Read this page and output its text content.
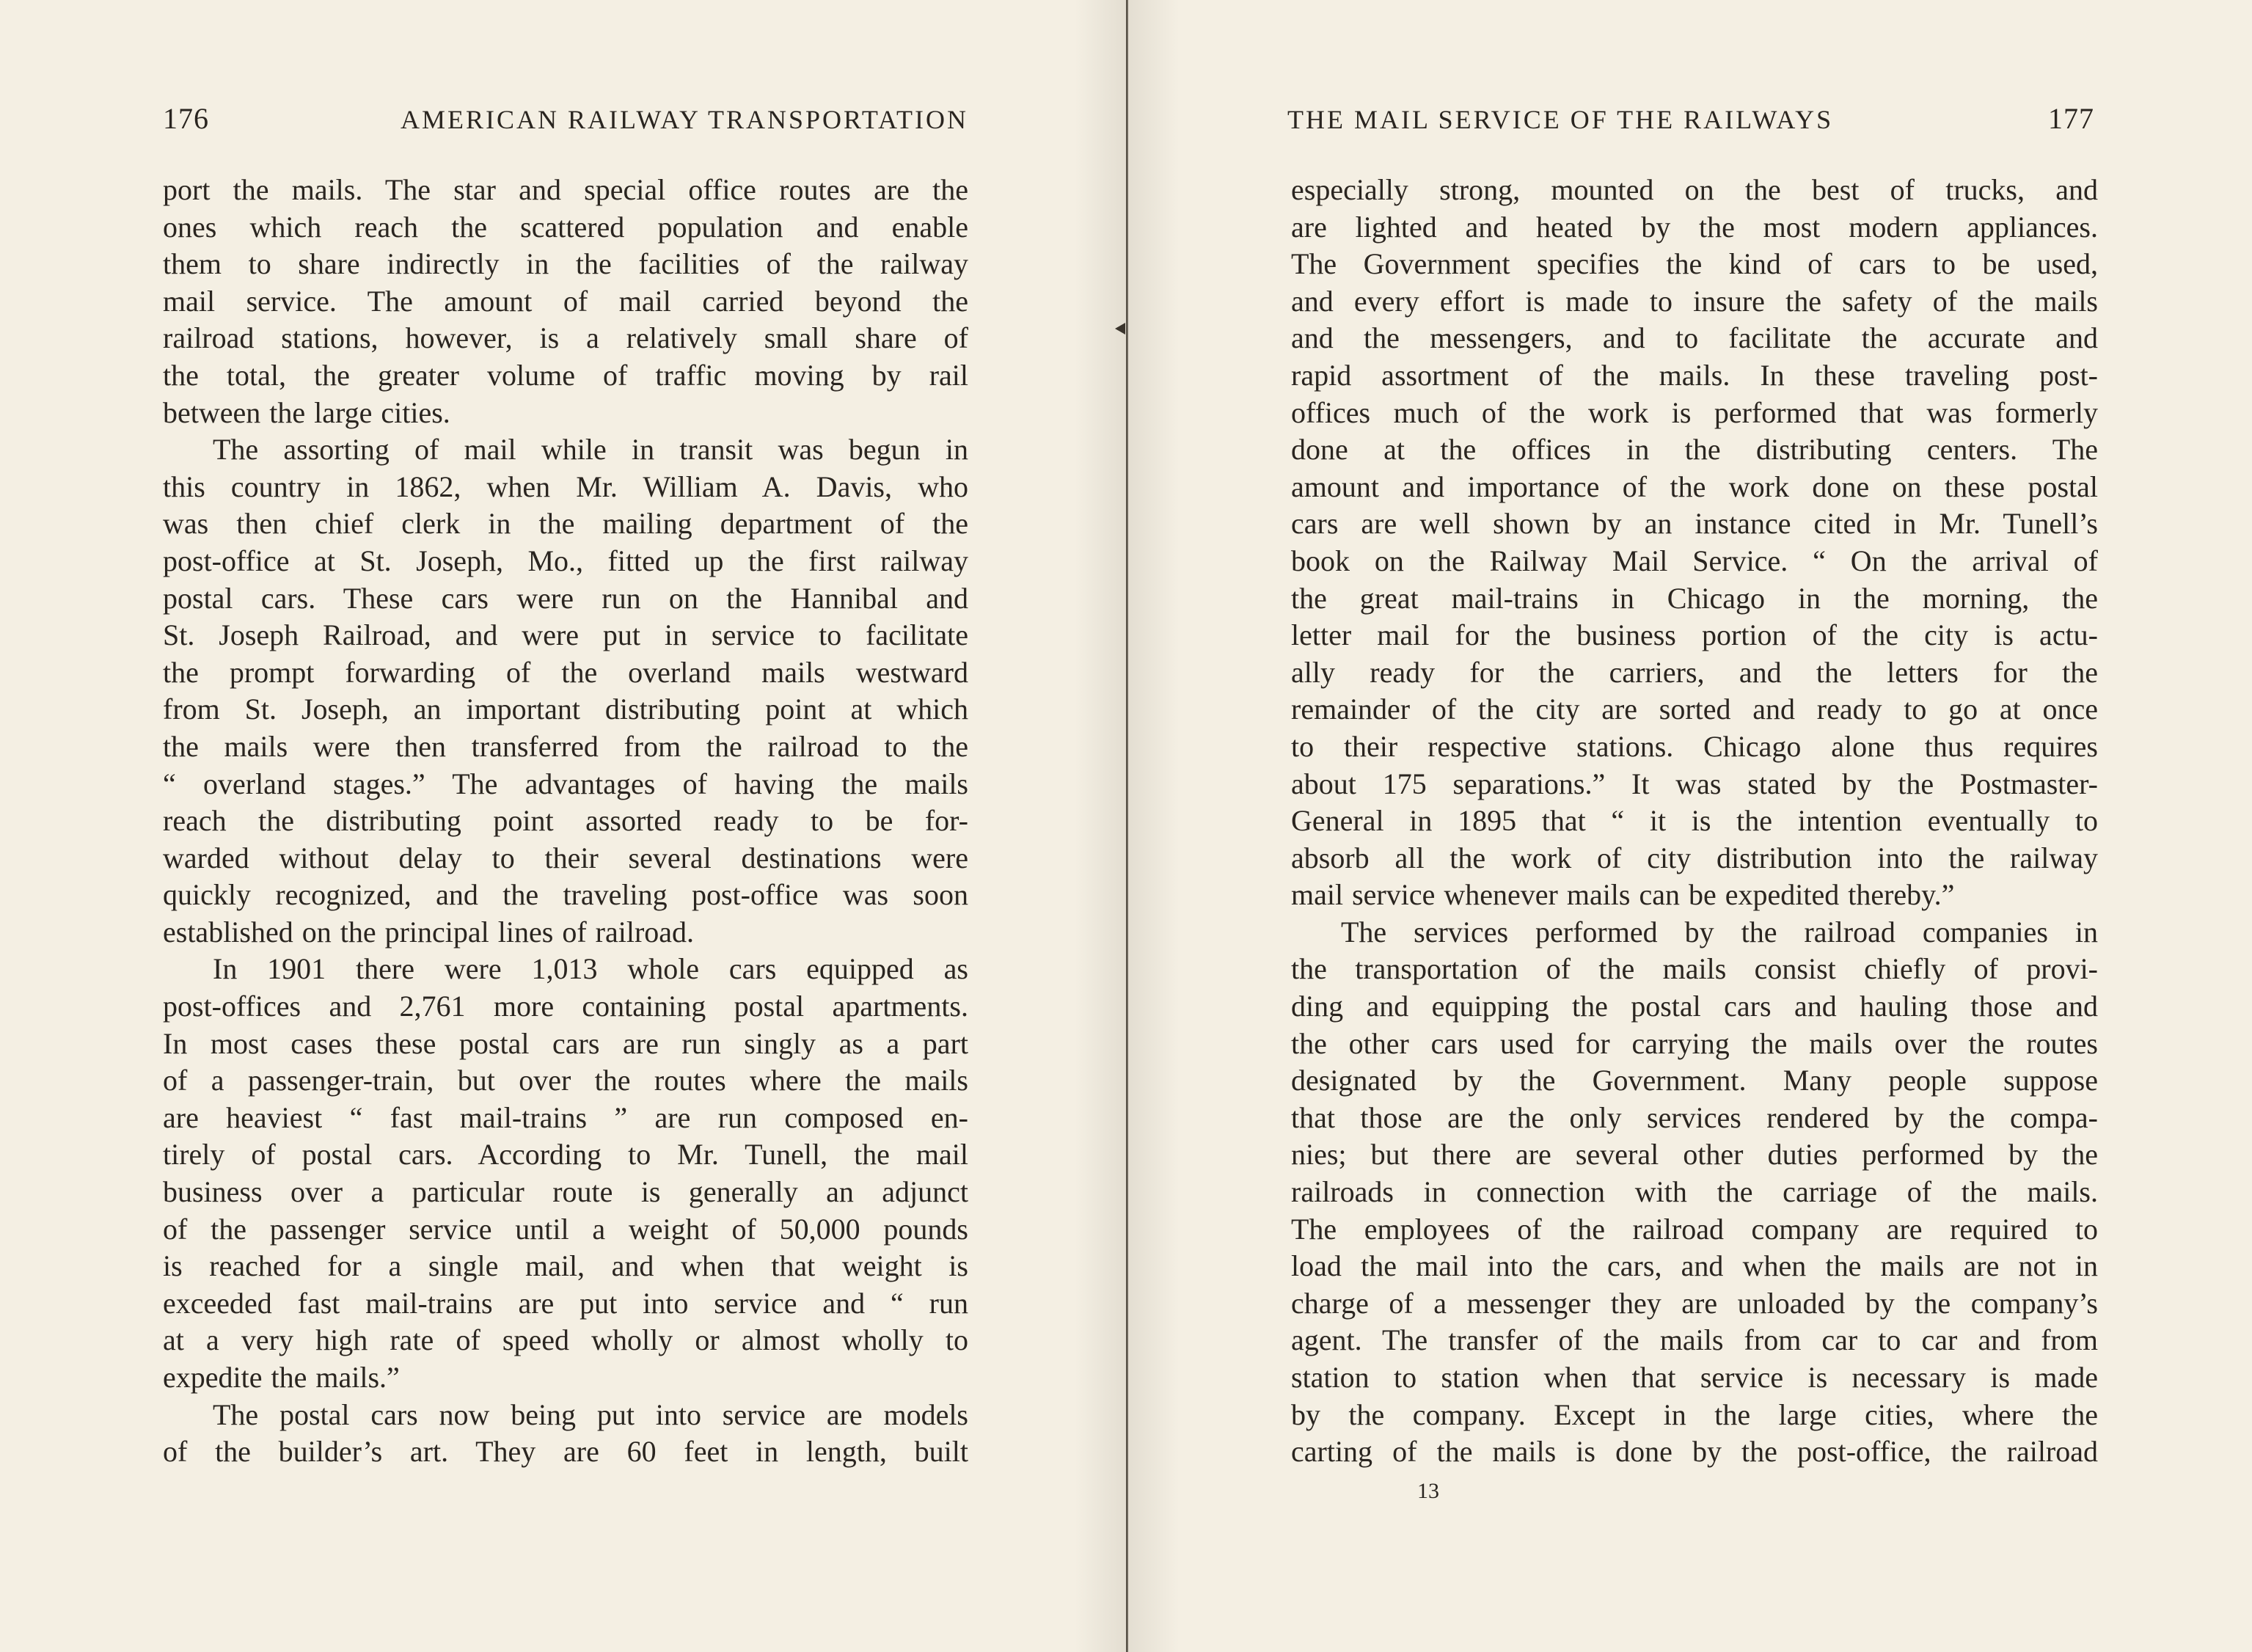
176	AMERICAN RAILWAY TRANSPORTATION
port the mails. The star and special office routes are the
ones which reach the scattered population and enable
them to share indirectly in the facilities of the railway
mail service. The amount of mail carried beyond the
railroad stations, however, is a relatively small share of
the total, the greater volume of traffic moving by rail
between the large cities.
The assorting of mail while in transit was begun in
this country in 1862, when Mr. William A. Davis, who
was then chief clerk in the mailing department of the
post-office at St. Joseph, Mo., fitted up the first railway
postal cars. These cars were run on the Hannibal and
St. Joseph Railroad, and were put in service to facilitate
the prompt forwarding of the overland mails westward
from St. Joseph, an important distributing point at which
the mails were then transferred from the railroad to the
“ overland stages.” The advantages of having the mails
reach the distributing point assorted ready to be for-
warded without delay to their several destinations were
quickly recognized, and the traveling post-office was soon
established on the principal lines of railroad.
In 1901 there were 1,013 whole cars equipped as
post-offices and 2,761 more containing postal apartments.
In most cases these postal cars are run singly as a part
of a passenger-train, but over the routes where the mails
are heaviest “ fast mail-trains ” are run composed en-
tirely of postal cars. According to Mr. Tunell, the mail
business over a particular route is generally an adjunct
of the passenger service until a weight of 50,000 pounds
is reached for a single mail, and when that weight is
exceeded fast mail-trains are put into service and “ run
at a very high rate of speed wholly or almost wholly to
expedite the mails.”
The postal cars now being put into service are models
of the builder’s art. They are 60 feet in length, built
THE MAIL SERVICE OF THE RAILWAYS	177
especially strong, mounted on the best of trucks, and
are lighted and heated by the most modern appliances.
The Government specifies the kind of cars to be used,
and every effort is made to insure the safety of the mails
and the messengers, and to facilitate the accurate and
rapid assortment of the mails. In these traveling post-
offices much of the work is performed that was formerly
done at the offices in the distributing centers. The
amount and importance of the work done on these postal
cars are well shown by an instance cited in Mr. Tunell’s
book on the Railway Mail Service. “ On the arrival of
the great mail-trains in Chicago in the morning, the
letter mail for the business portion of the city is actu-
ally ready for the carriers, and the letters for the
remainder of the city are sorted and ready to go at once
to their respective stations. Chicago alone thus requires
about 175 separations.” It was stated by the Postmaster-
General in 1895 that “ it is the intention eventually to
absorb all the work of city distribution into the railway
mail service whenever mails can be expedited thereby.”
The services performed by the railroad companies in
the transportation of the mails consist chiefly of provi-
ding and equipping the postal cars and hauling those and
the other cars used for carrying the mails over the routes
designated by the Government. Many people suppose
that those are the only services rendered by the compa-
nies; but there are several other duties performed by the
railroads in connection with the carriage of the mails.
The employees of the railroad company are required to
load the mail into the cars, and when the mails are not in
charge of a messenger they are unloaded by the company’s
agent. The transfer of the mails from car to car and from
station to station when that service is necessary is made
by the company. Except in the large cities, where the
carting of the mails is done by the post-office, the railroad
13
